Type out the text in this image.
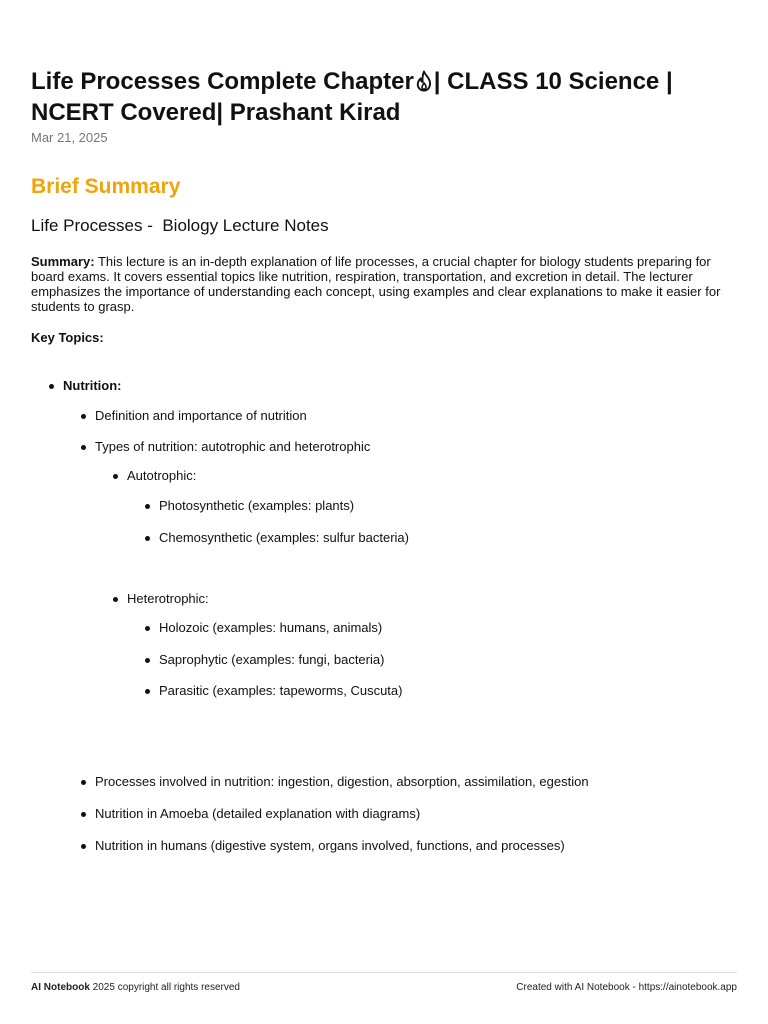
Life Processes Complete Chapter | CLASS 10 Science | NCERT Covered| Prashant Kirad
Mar 21, 2025
Brief Summary
Life Processes -  Biology Lecture Notes

Summary: This lecture is an in-depth explanation of life processes, a crucial chapter for biology students preparing for board exams. It covers essential topics like nutrition, respiration, transportation, and excretion in detail. The lecturer emphasizes the importance of understanding each concept, using examples and clear explanations to make it easier for students to grasp.

Key Topics:

Nutrition:
Definition and importance of nutrition
Types of nutrition: autotrophic and heterotrophic
Autotrophic:
Photosynthetic (examples: plants)
Chemosynthetic (examples: sulfur bacteria)
Heterotrophic:
Holozoic (examples: humans, animals)
Saprophytic (examples: fungi, bacteria)
Parasitic (examples: tapeworms, Cuscuta)
Processes involved in nutrition: ingestion, digestion, absorption, assimilation, egestion
Nutrition in Amoeba (detailed explanation with diagrams)
Nutrition in humans (digestive system, organs involved, functions, and processes)
AI Notebook 2025 copyright all rights reserved	Created with AI Notebook - https://ainotebook.app
